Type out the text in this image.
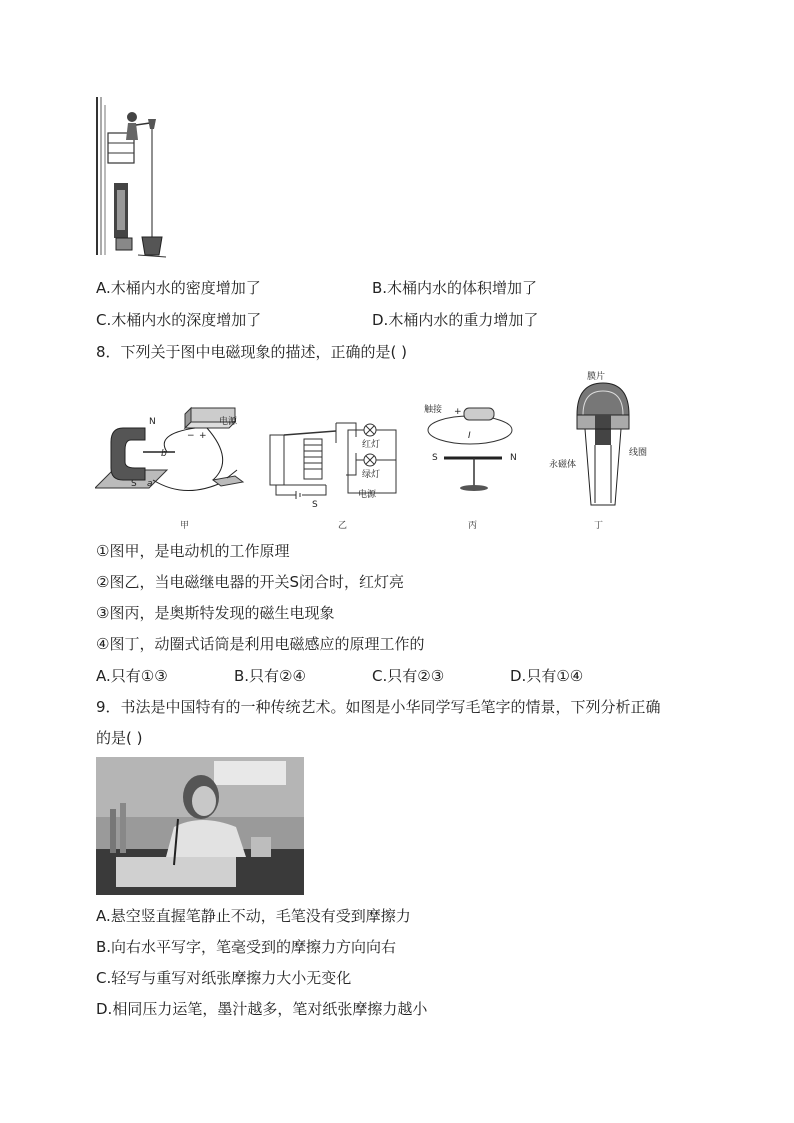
A.木桶内水的密度增加了	B.木桶内水的体积增加了
C.木桶内水的深度增加了	D.木桶内水的重力增加了
8．下列关于图中电磁现象的描述，正确的是( )
N
S a
b
− +
电源
红灯
绿灯
S
电源
触接 +
I
S	N
膜片
线圈
永磁体
甲	乙	丙	丁
①图甲，是电动机的工作原理
②图乙，当电磁继电器的开关S闭合时，红灯亮
③图丙，是奥斯特发现的磁生电现象
④图丁，动圈式话筒是利用电磁感应的原理工作的
A.只有①③	B.只有②④	C.只有②③	D.只有①④
9．书法是中国特有的一种传统艺术。如图是小华同学写毛笔字的情景，下列分析正确
的是( )
A.悬空竖直握笔静止不动，毛笔没有受到摩擦力
B.向右水平写字，笔毫受到的摩擦力方向向右
C.轻写与重写对纸张摩擦力大小无变化
D.相同压力运笔，墨汁越多，笔对纸张摩擦力越小
